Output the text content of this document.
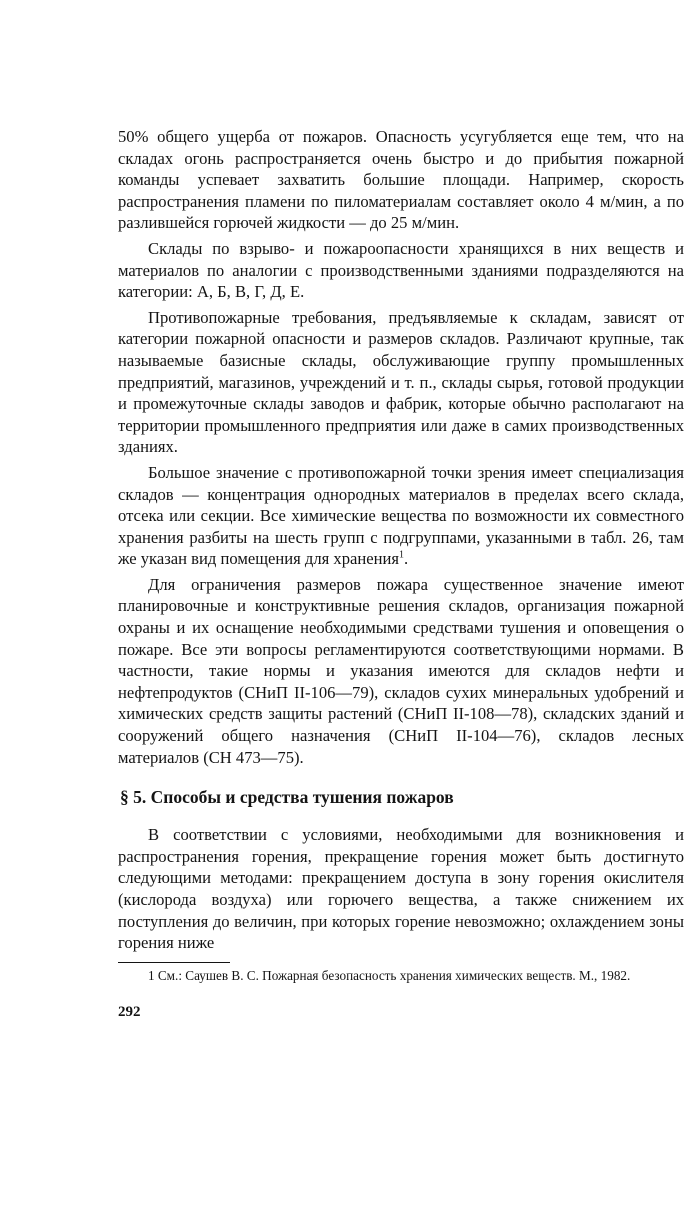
50% общего ущерба от пожаров. Опасность усугубляется еще тем, что на складах огонь распространяется очень быстро и до прибытия пожарной команды успевает захватить большие площади. Например, скорость распространения пламени по пиломатериалам составляет около 4 м/мин, а по разлившейся горючей жидкости — до 25 м/мин.

Склады по взрыво- и пожароопасности хранящихся в них веществ и материалов по аналогии с производственными зданиями подразделяются на категории: А, Б, В, Г, Д, Е.

Противопожарные требования, предъявляемые к складам, зависят от категории пожарной опасности и размеров складов. Различают крупные, так называемые базисные склады, обслуживающие группу промышленных предприятий, магазинов, учреждений и т. п., склады сырья, готовой продукции и промежуточные склады заводов и фабрик, которые обычно располагают на территории промышленного предприятия или даже в самих производственных зданиях.

Большое значение с противопожарной точки зрения имеет специализация складов — концентрация однородных материалов в пределах всего склада, отсека или секции. Все химические вещества по возможности их совместного хранения разбиты на шесть групп с подгруппами, указанными в табл. 26, там же указан вид помещения для хранения$^1$.

Для ограничения размеров пожара существенное значение имеют планировочные и конструктивные решения складов, организация пожарной охраны и их оснащение необходимыми средствами тушения и оповещения о пожаре. Все эти вопросы регламентируются соответствующими нормами. В частности, такие нормы и указания имеются для складов нефти и нефтепродуктов (СНиП II-106—79), складов сухих минеральных удобрений и химических средств защиты растений (СНиП II-108—78), складских зданий и сооружений общего назначения (СНиП II-104—76), складов лесных материалов (СН 473—75).

§ 5. Способы и средства тушения пожаров

В соответствии с условиями, необходимыми для возникновения и распространения горения, прекращение горения может быть достигнуто следующими методами: прекращением доступа в зону горения окислителя (кислорода воздуха) или горючего вещества, а также снижением их поступления до величин, при которых горение невозможно; охлаждением зоны горения ниже

1 См.: Саушев В. С. Пожарная безопасность хранения химических веществ. М., 1982.
292
